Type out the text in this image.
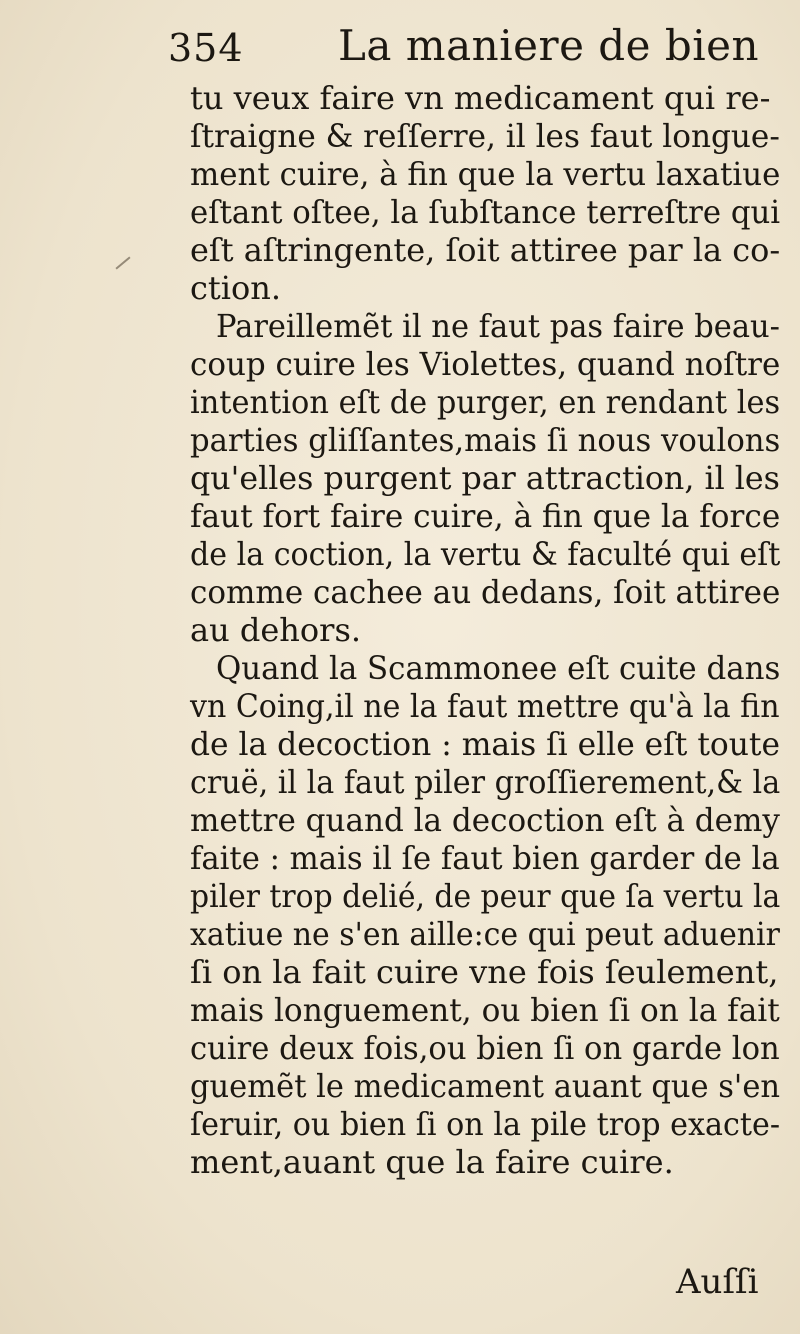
354 La maniere de bien
tu veux faire vn medicament qui re-
ſtraigne & reſſerre, il les faut longue-
ment cuire, à fin que la vertu laxatiue
eſtant oſtee, la ſubſtance terreſtre qui
eſt aſtringente, ſoit attiree par la co-
ction.
Pareillemẽt il ne faut pas faire beau-
coup cuire les Violettes, quand noſtre
intention eſt de purger, en rendant les
parties gliſſantes,mais ſi nous voulons
qu'elles purgent par attraction, il les
faut fort faire cuire, à fin que la force
de la coction, la vertu & faculté qui eſt
comme cachee au dedans, ſoit attiree
au dehors.
Quand la Scammonee eſt cuite dans
vn Coing,il ne la faut mettre qu'à la fin
de la decoction : mais ſi elle eſt toute
cruë, il la faut piler groſſierement,& la
mettre quand la decoction eſt à demy
faite : mais il ſe faut bien garder de la
piler trop delié, de peur que ſa vertu la
xatiue ne s'en aille:ce qui peut aduenir
ſi on la fait cuire vne fois ſeulement,
mais longuement, ou bien ſi on la fait
cuire deux fois,ou bien ſi on garde lon
guemẽt le medicament auant que s'en
ſeruir, ou bien ſi on la pile trop exacte-
ment,auant que la faire cuire.
Auſſi
